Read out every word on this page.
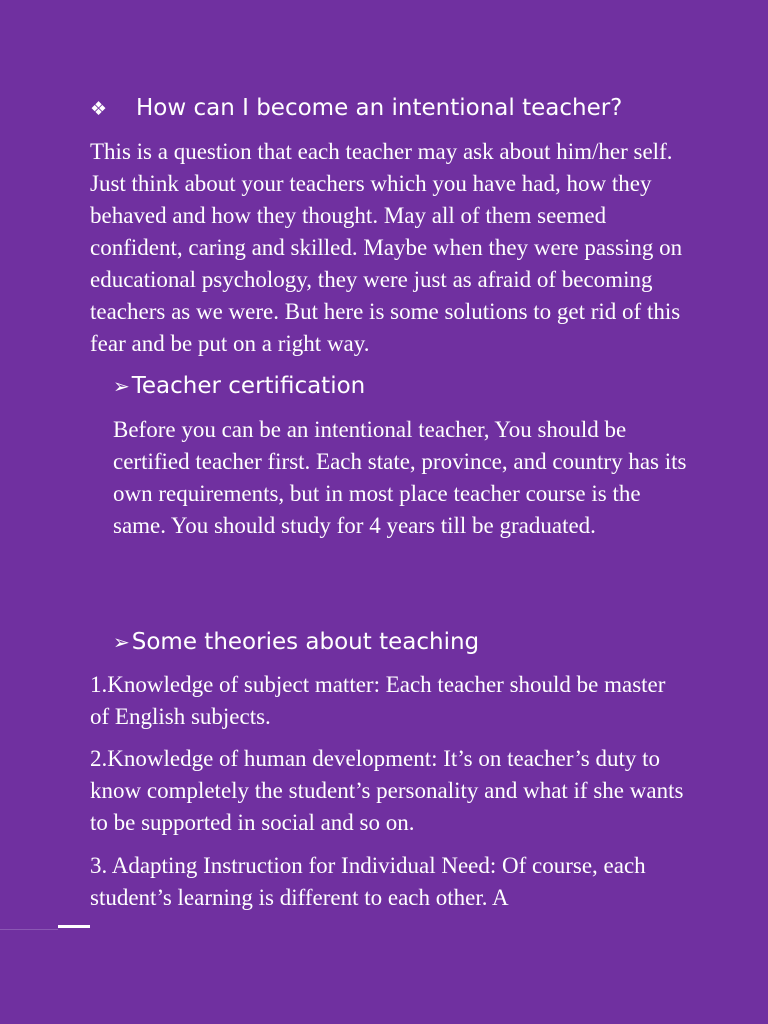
❖ How can I become an intentional teacher?

This is a question that each teacher may ask about him/her self. Just think about your teachers which you have had, how they behaved and how they thought. May all of them seemed confident, caring and skilled. Maybe when they were passing on educational psychology, they were just as afraid of becoming teachers as we were. But here is some solutions to get rid of this fear and be put on a right way.

➢Teacher certification

Before you can be an intentional teacher, You should be certified teacher first. Each state, province, and country has its own requirements, but in most place teacher course is the same. You should study for 4 years till be graduated.

➢Some theories about teaching

1.Knowledge of subject matter: Each teacher should be master of English subjects.

2.Knowledge of human development: It’s on teacher’s duty to know completely the student’s personality and what if she wants to be supported in social and so on.

3. Adapting Instruction for Individual Need: Of course, each student’s learning is different to each other. A
